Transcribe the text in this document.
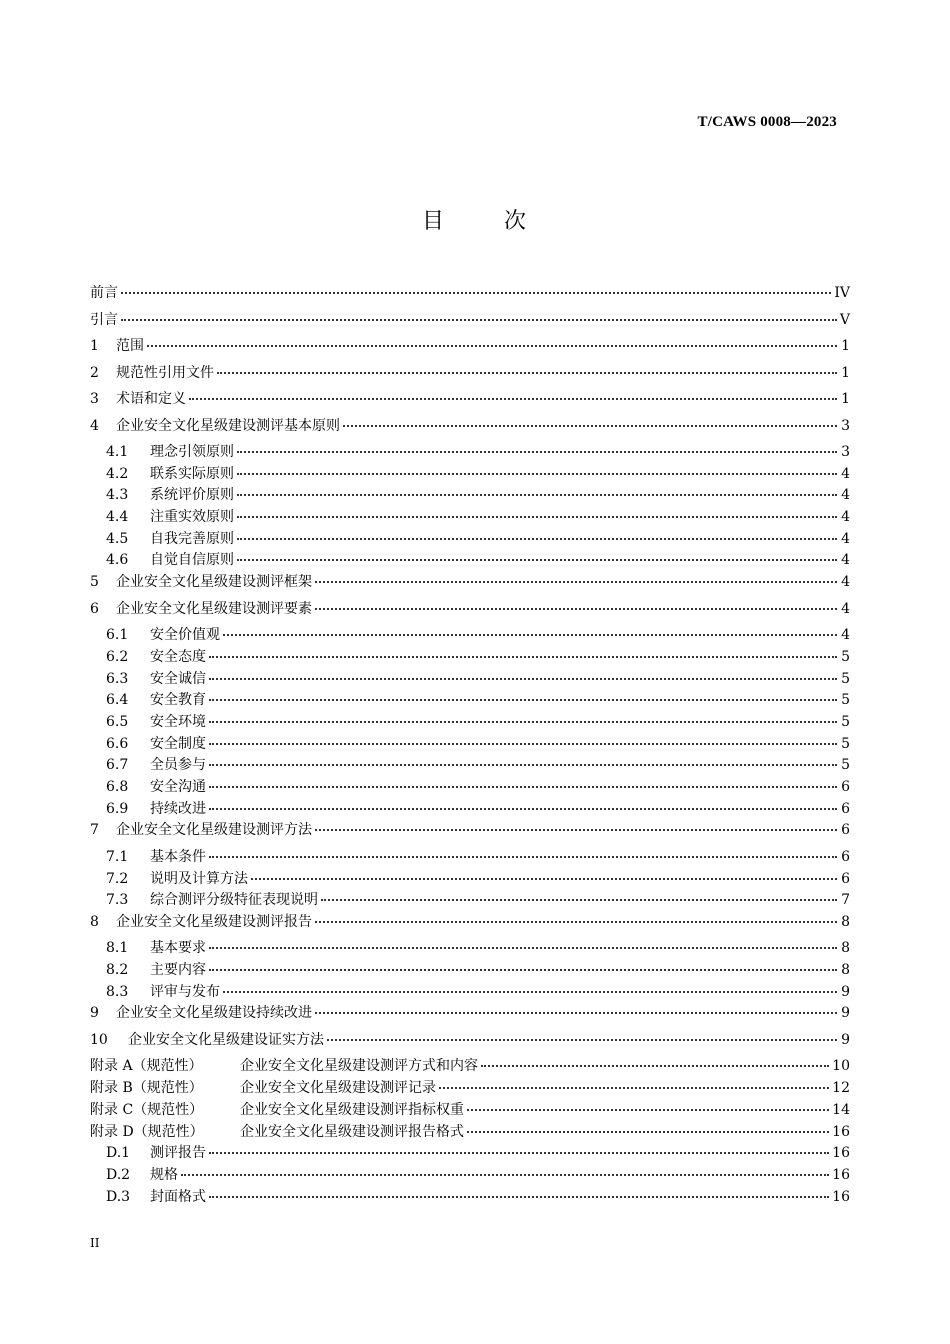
T/CAWS 0008—2023
目	次
前言	IV
引言	V
1	范围	1
2	规范性引用文件	1
3	术语和定义	1
4	企业安全文化星级建设测评基本原则	3
4.1	理念引领原则	3
4.2	联系实际原则	4
4.3	系统评价原则	4
4.4	注重实效原则	4
4.5	自我完善原则	4
4.6	自觉自信原则	4
5	企业安全文化星级建设测评框架	4
6	企业安全文化星级建设测评要素	4
6.1	安全价值观	4
6.2	安全态度	5
6.3	安全诚信	5
6.4	安全教育	5
6.5	安全环境	5
6.6	安全制度	5
6.7	全员参与	5
6.8	安全沟通	6
6.9	持续改进	6
7	企业安全文化星级建设测评方法	6
7.1	基本条件	6
7.2	说明及计算方法	6
7.3	综合测评分级特征表现说明	7
8	企业安全文化星级建设测评报告	8
8.1	基本要求	8
8.2	主要内容	8
8.3	评审与发布	9
9	企业安全文化星级建设持续改进	9
10	企业安全文化星级建设证实方法	9
附录 A（规范性）	企业安全文化星级建设测评方式和内容	10
附录 B（规范性）	企业安全文化星级建设测评记录	12
附录 C（规范性）	企业安全文化星级建设测评指标权重	14
附录 D（规范性）	企业安全文化星级建设测评报告格式	16
D.1	测评报告	16
D.2	规格	16
D.3	封面格式	16
II
